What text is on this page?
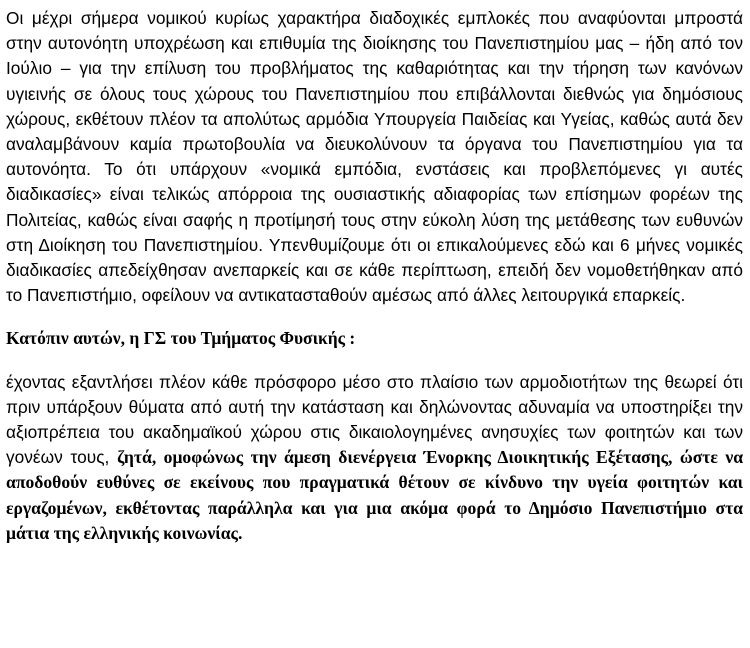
Οι μέχρι σήμερα νομικού κυρίως χαρακτήρα διαδοχικές εμπλοκές που αναφύονται μπροστά στην αυτονόητη υποχρέωση και επιθυμία της διοίκησης του Πανεπιστημίου μας – ήδη από τον Ιούλιο – για την επίλυση του προβλήματος της καθαριότητας και την τήρηση των κανόνων υγιεινής σε όλους τους χώρους του Πανεπιστημίου που επιβάλλονται διεθνώς για δημόσιους χώρους, εκθέτουν πλέον τα απολύτως αρμόδια Υπουργεία Παιδείας και Υγείας, καθώς αυτά δεν αναλαμβάνουν καμία πρωτοβουλία να διευκολύνουν τα όργανα του Πανεπιστημίου για τα αυτονόητα. Το ότι υπάρχουν «νομικά εμπόδια, ενστάσεις και προβλεπόμενες γι αυτές διαδικασίες» είναι τελικώς απόρροια της ουσιαστικής αδιαφορίας των επίσημων φορέων της Πολιτείας, καθώς είναι σαφής η προτίμησή τους στην εύκολη λύση της μετάθεσης των ευθυνών στη Διοίκηση του Πανεπιστημίου. Υπενθυμίζουμε ότι οι επικαλούμενες εδώ και 6 μήνες νομικές διαδικασίες απεδείχθησαν ανεπαρκείς και σε κάθε περίπτωση, επειδή δεν νομοθετήθηκαν από το Πανεπιστήμιο, οφείλουν να αντικατασταθούν αμέσως από άλλες λειτουργικά επαρκείς.

Κατόπιν αυτών, η ΓΣ του Τμήματος Φυσικής :

έχοντας εξαντλήσει πλέον κάθε πρόσφορο μέσο στο πλαίσιο των αρμοδιοτήτων της θεωρεί ότι πριν υπάρξουν θύματα από αυτή την κατάσταση και δηλώνοντας αδυναμία να υποστηρίξει την αξιοπρέπεια του ακαδημαϊκού χώρου στις δικαιολογημένες ανησυχίες των φοιτητών και των γονέων τους, ζητά, ομοφώνως την άμεση διενέργεια Ένορκης Διοικητικής Εξέτασης, ώστε να αποδοθούν ευθύνες σε εκείνους που πραγματικά θέτουν σε κίνδυνο την υγεία φοιτητών και εργαζομένων, εκθέτοντας παράλληλα και για μια ακόμα φορά το Δημόσιο Πανεπιστήμιο στα μάτια της ελληνικής κοινωνίας.
